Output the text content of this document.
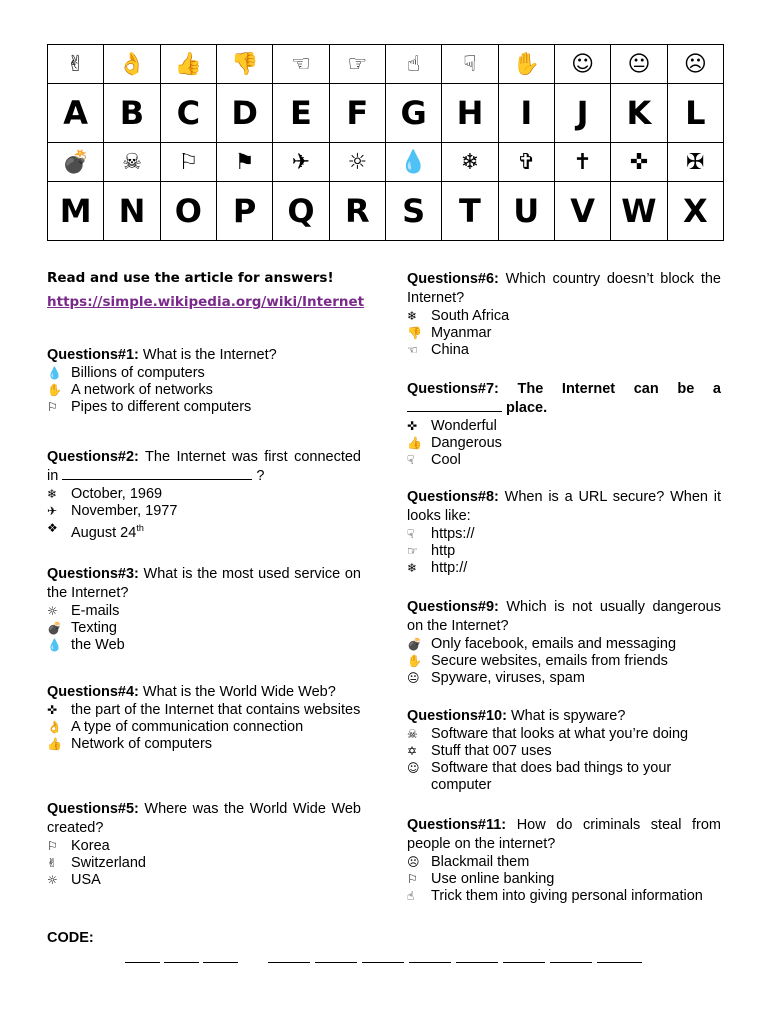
✌	👌	👍	👎	☜	☞	☝	☟	✋	☺	😐	☹
A	B	C	D	E	F	G	H	I	J	K	L
💣	☠	⚐	⚑	✈	☼	💧	❄	✞	✝	✜	✠
M	N	O	P	Q	R	S	T	U	V	W	X
Read and use the article for answers!
https://simple.wikipedia.org/wiki/Internet
Questions#1: What is the Internet?
💧 Billions of computers
✋ A network of networks
⚐ Pipes to different computers
Questions#2: The Internet was first connected in	?
❄ October, 1969
✈ November, 1977
❖ August 24th
Questions#3: What is the most used service on the Internet?
☼ E-mails
💣 Texting
💧 the Web
Questions#4: What is the World Wide Web?
✜ the part of the Internet that contains websites
👌 A type of communication connection
👍 Network of computers
Questions#5: Where was the World Wide Web created?
⚐ Korea
✌ Switzerland
☼ USA
Questions#6: Which country doesn’t block the Internet?
❄ South Africa
👎 Myanmar
☜ China
Questions#7: The Internet can be a  place.
✜ Wonderful
👍 Dangerous
☟	Cool
Questions#8: When is a URL secure? When it looks like:
☟	https://
☞ http
❄ http://
Questions#9: Which is not usually dangerous on the Internet?
💣 Only facebook, emails and messaging
✋ Secure websites, emails from friends
😐 Spyware, viruses, spam
Questions#10: What is spyware?
☠ Software that looks at what you’re doing
✡ Stuff that 007 uses
☺ Software that does bad things to your computer
Questions#11: How do criminals steal from people on the internet?
☹ Blackmail them
⚐ Use online banking
☝	Trick them into giving personal information
CODE:
